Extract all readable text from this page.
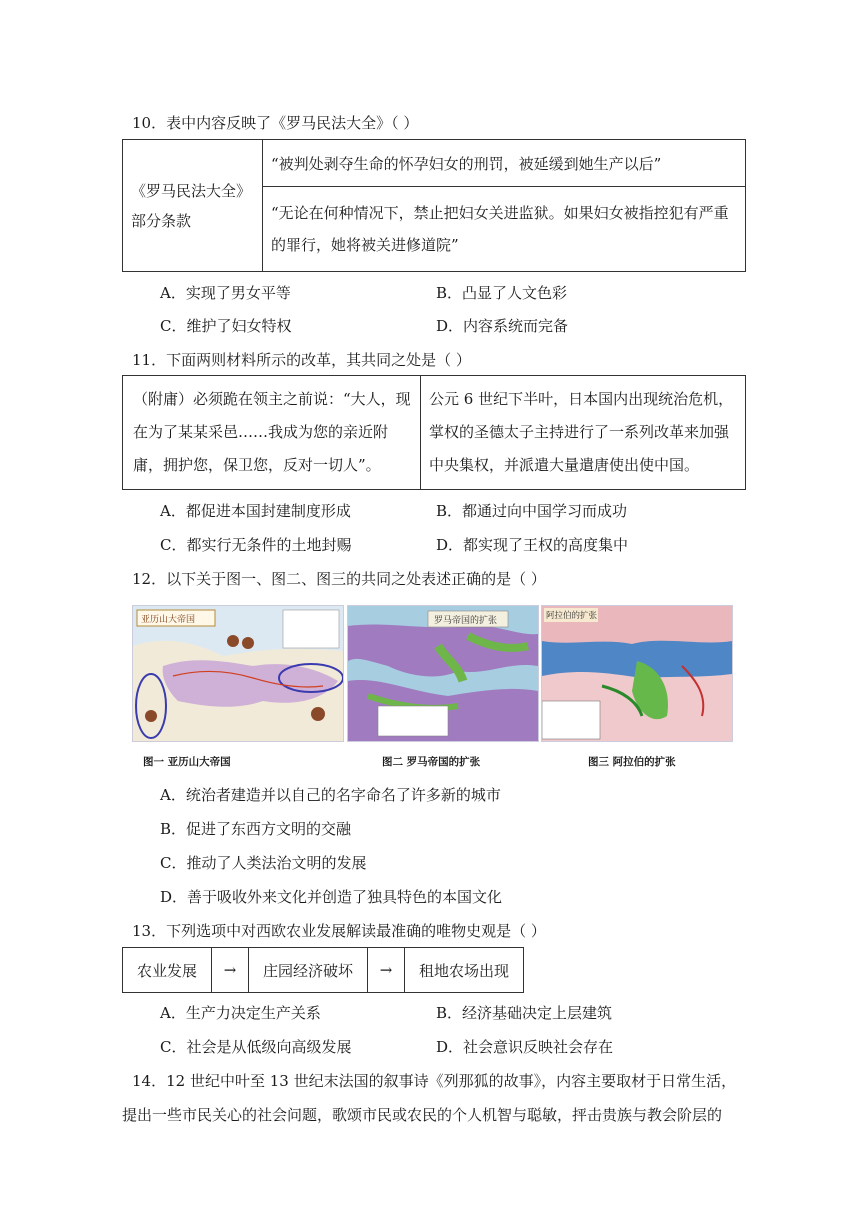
10．表中内容反映了《罗马民法大全》（ ）
《罗马民法大全》
部分条款
	“被判处剥夺生命的怀孕妇女的刑罚，被延缓到她生产以后”

“无论在何种情况下，禁止把妇女关进监狱。如果妇女被指控犯有严重
的罪行，她将被关进修道院”
A．实现了男女平等	B．凸显了人文色彩
C．维护了妇女特权	D．内容系统而完备
11．下面两则材料所示的改革，其共同之处是（ ）
（附庸）必须跪在领主之前说：“大人，现
在为了某某采邑……我成为您的亲近附
庸，拥护您，保卫您，反对一切人”。

公元 6 世纪下半叶，日本国内出现统治危机，
掌权的圣德太子主持进行了一系列改革来加强
中央集权，并派遣大量遣唐使出使中国。
A．都促进本国封建制度形成	B．都通过向中国学习而成功
C．都实行无条件的土地封赐	D．都实现了王权的高度集中
12．以下关于图一、图二、图三的共同之处表述正确的是（ ）
亚历山大帝国	罗马帝国的扩张	阿拉伯的扩张
图一 亚历山大帝国	图二 罗马帝国的扩张	图三 阿拉伯的扩张
A．统治者建造并以自己的名字命名了许多新的城市
B．促进了东西方文明的交融
C．推动了人类法治文明的发展
D．善于吸收外来文化并创造了独具特色的本国文化
13．下列选项中对西欧农业发展解读最准确的唯物史观是（ ）
农业发展	→	庄园经济破坏	→	租地农场出现
A．生产力决定生产关系	B．经济基础决定上层建筑
C．社会是从低级向高级发展	D．社会意识反映社会存在
14．12 世纪中叶至 13 世纪末法国的叙事诗《列那狐的故事》，内容主要取材于日常生活，
提出一些市民关心的社会问题，歌颂市民或农民的个人机智与聪敏，抨击贵族与教会阶层的
